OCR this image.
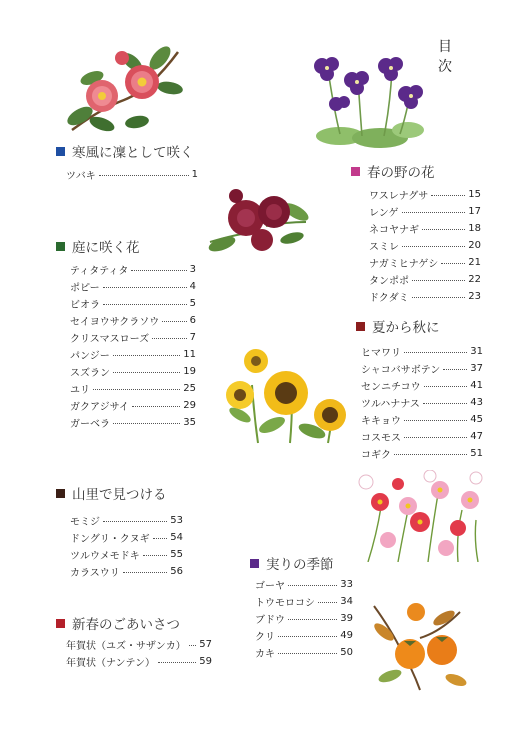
目　次
寒風に凜として咲く
ツバキ	1
庭に咲く花
ティタティタ	3
ポピー	4
ビオラ	5
セイヨウサクラソウ	6
クリスマスローズ	7
パンジー	11
スズラン	19
ユリ	25
ガクアジサイ	29
ガーベラ	35
山里で見つける
モミジ	53
ドングリ・クヌギ 54
ツルウメモドキ	55
カラスウリ	56
新春のごあいさつ
年賀状（ユズ・サザンカ） 57
年賀状（ナンテン）	59
春の野の花
ワスレナグサ	15
レンゲ	17
ネコヤナギ	18
スミレ	20
ナガミヒナゲシ	21
タンポポ	22
ドクダミ	23
夏から秋に
ヒマワリ	31
シャコバサボテン	37
センニチコウ	41
ツルハナナス	43
キキョウ	45
コスモス	47
コギク	51
実りの季節
ゴーヤ	33
トウモロコシ	34
ブドウ	39
クリ	49
カキ	50
